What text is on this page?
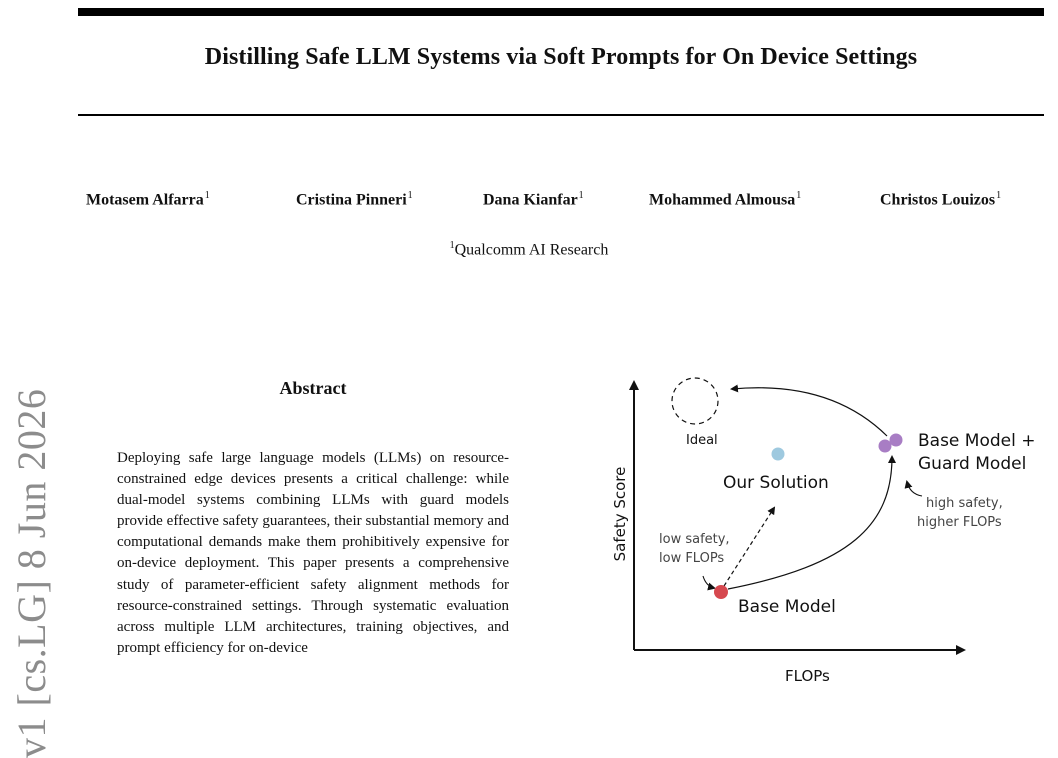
Distilling Safe LLM Systems via Soft Prompts for On Device Settings
Motasem Alfarra$^1$	Cristina Pinneri$^1$	Dana Kianfar$^1$	Mohammed Almousa$^1$	Christos Louizos$^1$
$^1$Qualcomm AI Research
v1 [cs.LG] 8 Jun 2026
Abstract
Deploying safe large language models (LLMs) on resource-constrained edge devices presents a critical challenge: while dual-model systems combining LLMs with guard models provide effective safety guarantees, their substantial memory and computational demands make them prohibitively expensive for on-device deployment. This paper presents a comprehensive study of parameter-efficient safety alignment methods for resource-constrained settings. Through systematic evaluation across multiple LLM architectures, training objectives, and prompt efficiency for on-device
Ideal
Our Solution
Base Model +
Guard Model
Base Model
low safety,
low FLOPs
high safety,
higher FLOPs
FLOPs
Safety Score
